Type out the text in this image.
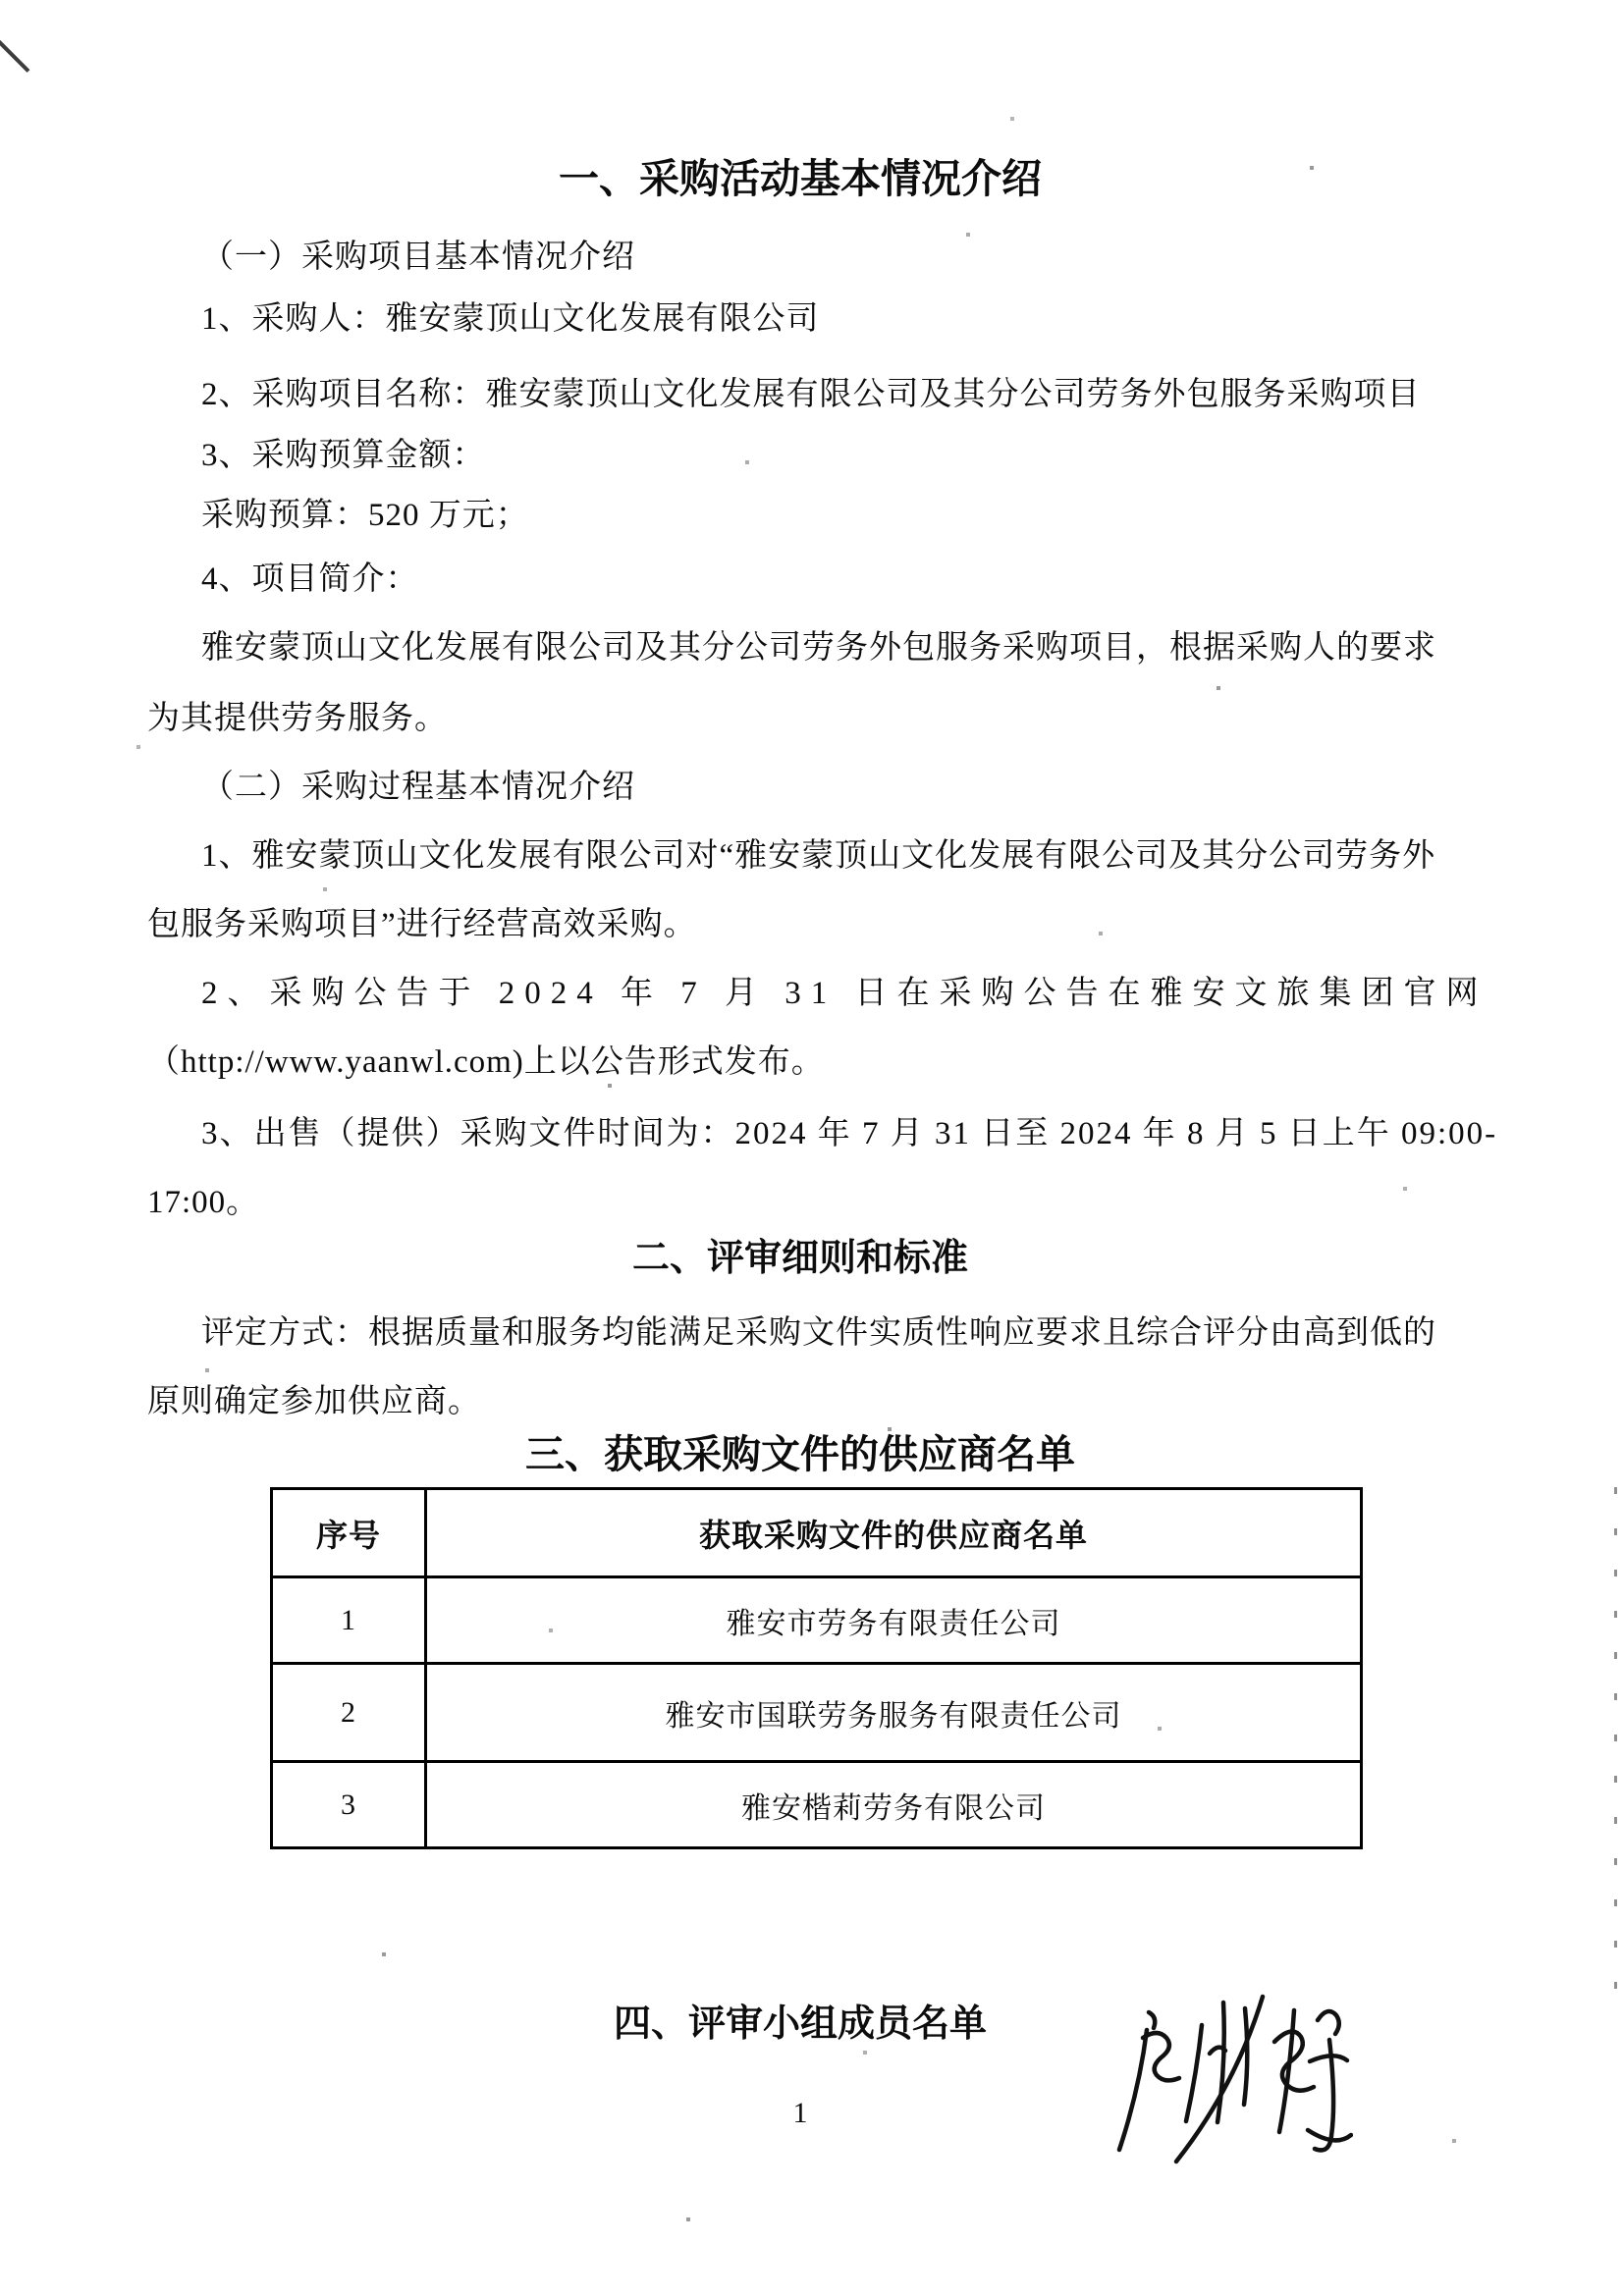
一、采购活动基本情况介绍
（一）采购项目基本情况介绍
1、采购人：雅安蒙顶山文化发展有限公司
2、采购项目名称：雅安蒙顶山文化发展有限公司及其分公司劳务外包服务采购项目
3、采购预算金额：
采购预算：520 万元；
4、项目简介：
雅安蒙顶山文化发展有限公司及其分公司劳务外包服务采购项目，根据采购人的要求
为其提供劳务服务。
（二）采购过程基本情况介绍
1、雅安蒙顶山文化发展有限公司对“雅安蒙顶山文化发展有限公司及其分公司劳务外
包服务采购项目”进行经营高效采购。
2、采购公告于 2024 年 7 月 31 日在采购公告在雅安文旅集团官网
（http://www.yaanwl.com)上以公告形式发布。
3、出售（提供）采购文件时间为：2024 年 7 月 31 日至 2024 年 8 月 5 日上午 09:00-
17:00。
二、评审细则和标准
评定方式：根据质量和服务均能满足采购文件实质性响应要求且综合评分由高到低的
原则确定参加供应商。
三、获取采购文件的供应商名单
四、评审小组成员名单
序号	获取采购文件的供应商名单
1	雅安市劳务有限责任公司
2	雅安市国联劳务服务有限责任公司
3	雅安楷莉劳务有限公司
1
